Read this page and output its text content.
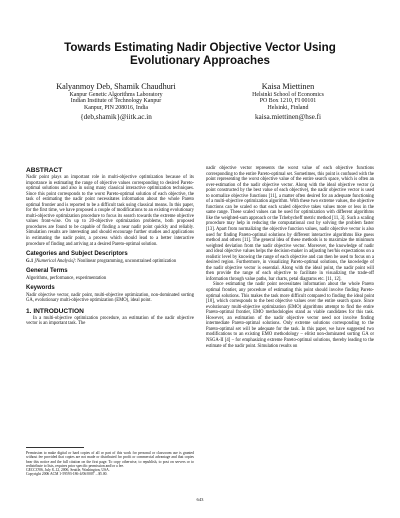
Towards Estimating Nadir Objective Vector Using Evolutionary Approaches
Kalyanmoy Deb, Shamik Chaudhuri
Kanpur Genetic Algorithms Laboratory
Indian Institute of Technology Kanpur
Kanpur, PIN 208016, India
{deb,shamik}@iitk.ac.in
Kaisa Miettinen
Helsinki School of Economics
PO Box 1210, FI 00101
Helsinki, Finland
kaisa.miettinen@hse.fi
ABSTRACT

Nadir point plays an important role in multi-objective optimization because of its importance in estimating the range of objective values corresponding to desired Pareto-optimal solutions and also in using many classical interactive optimization techniques. Since this point corresponds to the worst Pareto-optimal solution of each objective, the task of estimating the nadir point necessitates information about the whole Pareto optimal frontier and is reported to be a difficult task using classical means. In this paper, for the first time, we have proposed a couple of modifications to an existing evolutionary multi-objective optimization procedure to focus its search towards the extreme objective values front-wise. On up to 20-objective optimization problems, both proposed procedures are found to be capable of finding a near nadir point quickly and reliably. Simulation results are interesting and should encourage further studies and applications in estimating the nadir point, a process which should lead to a better interactive procedure of finding and arriving at a desired Pareto-optimal solution.

Categories and Subject Descriptors

G.1 [Numerical Analysis]: Nonlinear programming, unconstrained optimization

General Terms

Algorithms, performance, experimentation

Keywords

Nadir objective vector, nadir point, multi-objective optimization, non-dominated sorting GA, evolutionary multi-objective optimization (EMO), ideal point.

1. INTRODUCTION

In a multi-objective optimization procedure, an estimation of the nadir objective vector is an important task. The

Permission to make digital or hard copies of all or part of this work for personal or classroom use is granted without fee provided that copies are not made or distributed for profit or commercial advantage and that copies bear this notice and the full citation on the first page. To copy otherwise, to republish, to post on servers or to redistribute to lists, requires prior specific permission and/or a fee.
GECCO'06, July 8–12, 2006, Seattle, Washington, USA.
Copyright 2006 ACM 1-59593-186-4/06/0007 ...$5.00.

nadir objective vector represents the worst value of each objective functions corresponding to the entire Pareto-optimal set. Sometimes, this point is confused with the point representing the worst objective value of the entire search space, which is often an over-estimation of the nadir objective vector. Along with the ideal objective vector (a point constructed by the best value of each objective), the nadir objective vector is used to normalize objective functions [11], a matter often desired for an adequate functioning of a multi-objective optimization algorithm. With these two extreme values, the objective functions can be scaled so that each scaled objective takes values more or less in the same range. These scaled values can be used for optimization with different algorithms like the weighted-sum approach or the Tchebycheff metric method [11, 3]. Such a scaling procedure may help in reducing the computational cost by solving the problem faster [13]. Apart from normalizing the objective function values, nadir objective vector is also used for finding Pareto-optimal solutions by different interactive algorithms like guess method and others [11]. The general idea of these methods is to maximize the minimum weighted deviation from the nadir objective vector. Moreover, the knowledge of nadir and ideal objective values helps the decision-maker in adjusting her/his expectations on a realistic level by knowing the range of each objective and can then be used to focus on a desired region. Furthermore, in visualizing Pareto-optimal solutions, the knowledge of the nadir objective vector is essential. Along with the ideal point, the nadir point will then provide the range of each objective to facilitate in visualizing the trade-off information through value paths, bar charts, petal diagrams etc. [11, 12].

Since estimating the nadir point necessitates information about the whole Pareto optimal frontier, any procedure of estimating this point should involve finding Pareto-optimal solutions. This makes the task more difficult compared to finding the ideal point [10], which corresponds to the best objective values over the entire search space. Since evolutionary multi-objective optimization (EMO) algorithms attempt to find the entire Pareto-optimal frontier, EMO methodologies stand as viable candidates for this task. However, an estimation of the nadir objective vector need not involve finding intermediate Pareto-optimal solutions. Only extreme solutions corresponding to the Pareto-optimal set will be adequate for the task. In this paper, we have suggested two modifications to an existing EMO methodology – elitist non-dominated sorting GA or NSGA-II [4] – for emphasizing extreme Pareto-optimal solutions, thereby leading to the estimate of the nadir point. Simulation results on

643
